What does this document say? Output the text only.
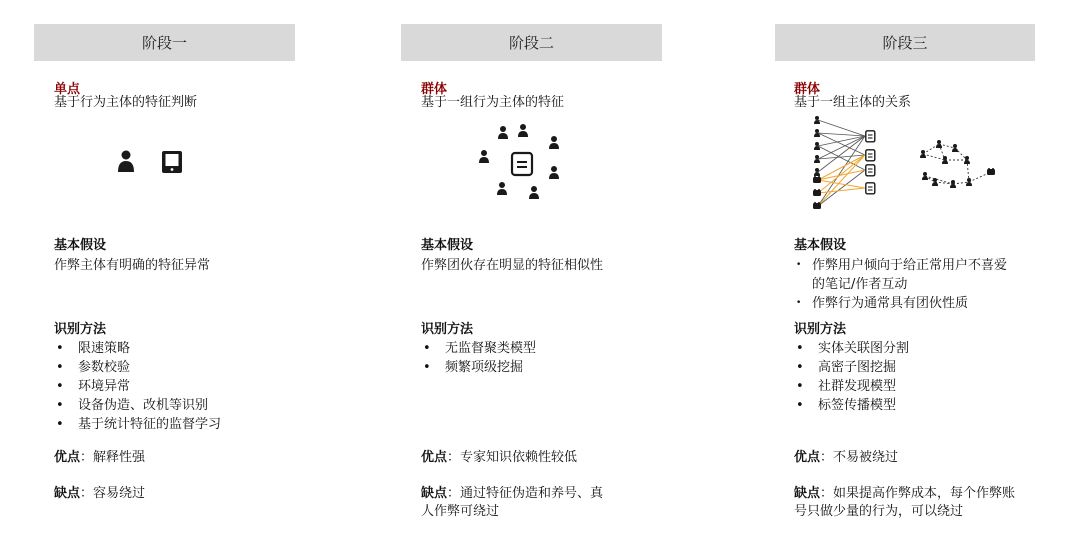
阶段一
单点
基于行为主体的特征判断
基本假设
作弊主体有明确的特征异常
识别方法
• 限速策略
• 参数校验
• 环境异常
• 设备伪造、改机等识别
• 基于统计特征的监督学习
优点：解释性强
缺点：容易绕过
阶段二
群体
基于一组行为主体的特征
基本假设
作弊团伙存在明显的特征相似性
识别方法
• 无监督聚类模型
• 频繁项级挖掘
优点：专家知识依赖性较低
缺点：通过特征伪造和养号、真
人作弊可绕过
阶段三
群体
基于一组主体的关系
基本假设
• 作弊用户倾向于给正常用户不喜爱
的笔记/作者互动
• 作弊行为通常具有团伙性质
识别方法
• 实体关联图分割
• 高密子图挖掘
• 社群发现模型
• 标签传播模型
优点：不易被绕过
缺点：如果提高作弊成本，每个作弊账
号只做少量的行为，可以绕过
